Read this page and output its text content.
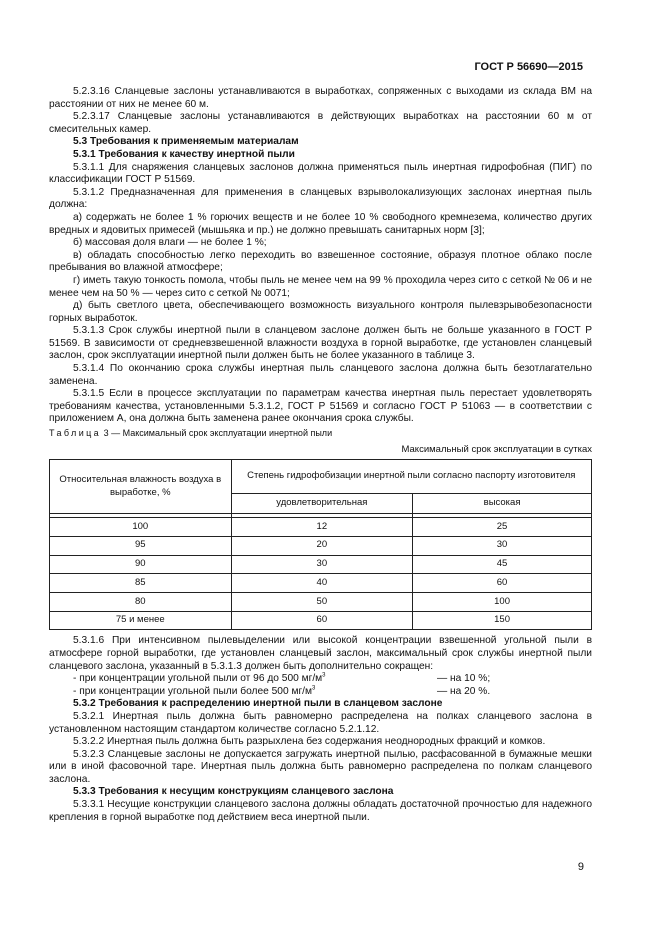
ГОСТ Р 56690—2015

5.2.3.16 Сланцевые заслоны устанавливаются в выработках, сопряженных с выходами из склада ВМ на расстоянии от них не менее 60 м.

5.2.3.17 Сланцевые заслоны устанавливаются в действующих выработках на расстоянии 60 м от смесительных камер.

5.3 Требования к применяемым материалам

5.3.1 Требования к качеству инертной пыли

5.3.1.1 Для снаряжения сланцевых заслонов должна применяться пыль инертная гидрофобная (ПИГ) по классификации ГОСТ Р 51569.

5.3.1.2 Предназначенная для применения в сланцевых взрыволокализующих заслонах инертная пыль должна:

а) содержать не более 1 % горючих веществ и не более 10 % свободного кремнезема, количество других вредных и ядовитых примесей (мышьяка и пр.) не должно превышать санитарных норм [3];

б) массовая доля влаги — не более 1 %;

в) обладать способностью легко переходить во взвешенное состояние, образуя плотное облако после пребывания во влажной атмосфере;

г) иметь такую тонкость помола, чтобы пыль не менее чем на 99 % проходила через сито с сеткой № 06 и не менее чем на 50 % — через сито с сеткой № 0071;

д) быть светлого цвета, обеспечивающего возможность визуального контроля пылевзрывобезопасности горных выработок.

5.3.1.3 Срок службы инертной пыли в сланцевом заслоне должен быть не больше указанного в ГОСТ Р 51569. В зависимости от средневзвешенной влажности воздуха в горной выработке, где установлен сланцевый заслон, срок эксплуатации инертной пыли должен быть не более указанного в таблице 3.

5.3.1.4 По окончанию срока службы инертная пыль сланцевого заслона должна быть безотлагательно заменена.

5.3.1.5 Если в процессе эксплуатации по параметрам качества инертная пыль перестает удовлетворять требованиям качества, установленными 5.3.1.2, ГОСТ Р 51569 и согласно ГОСТ Р 51063 — в соответствии с приложением А, она должна быть заменена ранее окончания срока службы.

Таблица 3 — Максимальный срок эксплуатации инертной пыли
Максимальный срок эксплуатации в сутках
Относительная влажность воздуха в выработке, %	Степень гидрофобизации инертной пыли согласно паспорту изготовителя	
	удовлетворительная	высокая

100	12	25
95	20	30
90	30	45
85	40	60
80	50	100
75 и менее	60	150

5.3.1.6 При интенсивном пылевыделении или высокой концентрации взвешенной угольной пыли в атмосфере горной выработки, где установлен сланцевый заслон, максимальный срок службы инертной пыли сланцевого заслона, указанный в 5.3.1.3 должен быть дополнительно сокращен:

- при концентрации угольной пыли от 96 до 500 $мг/м^3$	— на 10 %;
- при концентрации угольной пыли более 500 $мг/м^3$	— на 20 %.

5.3.2 Требования к распределению инертной пыли в сланцевом заслоне

5.3.2.1 Инертная пыль должна быть равномерно распределена на полках сланцевого заслона в установленном настоящим стандартом количестве согласно 5.2.1.12.

5.3.2.2 Инертная пыль должна быть разрыхлена без содержания неоднородных фракций и комков.

5.3.2.3 Сланцевые заслоны не допускается загружать инертной пылью, расфасованной в бумажные мешки или в иной фасовочной таре. Инертная пыль должна быть равномерно распределена по полкам сланцевого заслона.

5.3.3 Требования к несущим конструкциям сланцевого заслона

5.3.3.1 Несущие конструкции сланцевого заслона должны обладать достаточной прочностью для надежного крепления в горной выработке под действием веса инертной пыли.

9
